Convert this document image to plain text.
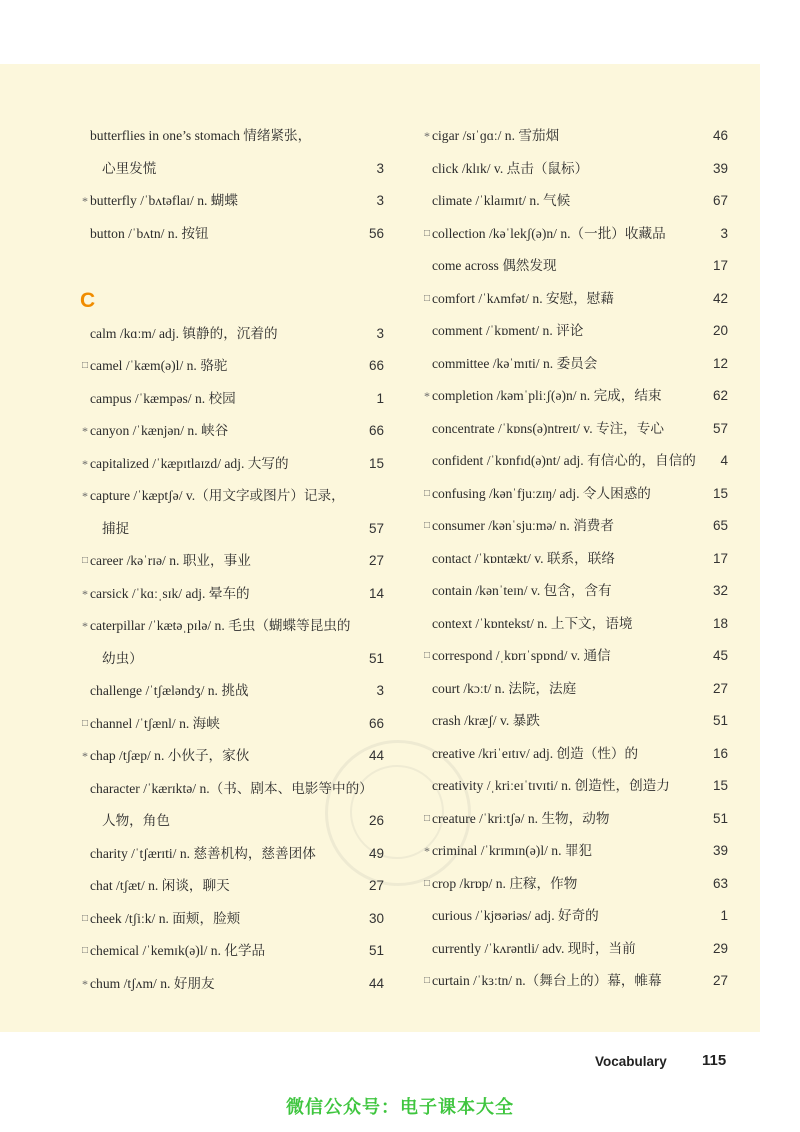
butterflies in one’s stomach 情绪紧张，
心里发慌	3
*
butterfly /ˈbʌtəflaɪ/ n. 蝴蝶	3
button /ˈbʌtn/ n. 按钮	56
C
calm /kɑːm/ adj. 镇静的，沉着的	3
□
camel /ˈkæm(ə)l/ n. 骆驼	66
campus /ˈkæmpəs/ n. 校园	1
*
canyon /ˈkænjən/ n. 峡谷	66
*
capitalized /ˈkæpɪtlaɪzd/ adj. 大写的	15
*
capture /ˈkæptʃə/ v.（用文字或图片）记录，
捕捉	57
□
career /kəˈrɪə/ n. 职业，事业	27
*
carsick /ˈkɑːˌsɪk/ adj. 晕车的	14
*
caterpillar /ˈkætəˌpɪlə/ n. 毛虫（蝴蝶等昆虫的
幼虫）	51
challenge /ˈtʃæləndʒ/ n. 挑战	3
□
channel /ˈtʃænl/ n. 海峡	66
*
chap /tʃæp/ n. 小伙子，家伙	44
character /ˈkærɪktə/ n.（书、剧本、电影等中的）
人物，角色	26
charity /ˈtʃærɪti/ n. 慈善机构，慈善团体	49
chat /tʃæt/ n. 闲谈，聊天	27
□
cheek /tʃiːk/ n. 面颊，脸颊	30
□
chemical /ˈkemɪk(ə)l/ n. 化学品	51
*
chum /tʃʌm/ n. 好朋友	44
*
cigar /sɪˈɡɑː/ n. 雪茄烟	46
click /klɪk/ v. 点击（鼠标）	39
climate /ˈklaɪmɪt/ n. 气候	67
□
collection /kəˈlekʃ(ə)n/ n.（一批）收藏品	3
come across 偶然发现	17
□
comfort /ˈkʌmfət/ n. 安慰，慰藉	42
comment /ˈkɒment/ n. 评论	20
committee /kəˈmɪti/ n. 委员会	12
*
completion /kəmˈpliːʃ(ə)n/ n. 完成，结束	62
concentrate /ˈkɒns(ə)ntreɪt/ v. 专注，专心	57
confident /ˈkɒnfɪd(ə)nt/ adj. 有信心的，自信的 4
□
confusing /kənˈfjuːzɪŋ/ adj. 令人困惑的	15
□
consumer /kənˈsjuːmə/ n. 消费者	65
contact /ˈkɒntækt/ v. 联系，联络	17
contain /kənˈteɪn/ v. 包含，含有	32
context /ˈkɒntekst/ n. 上下文，语境	18
□
correspond /ˌkɒrɪˈspɒnd/ v. 通信	45
court /kɔːt/ n. 法院，法庭	27
crash /kræʃ/ v. 暴跌	51
creative /kriˈeɪtɪv/ adj. 创造（性）的	16
creativity /ˌkriːeɪˈtɪvɪti/ n. 创造性，创造力	15
□
creature /ˈkriːtʃə/ n. 生物，动物	51
*
criminal /ˈkrɪmɪn(ə)l/ n. 罪犯	39
□
crop /krɒp/ n. 庄稼，作物	63
curious /ˈkjʊəriəs/ adj. 好奇的	1
currently /ˈkʌrəntli/ adv. 现时，当前	29
□
curtain /ˈkɜːtn/ n.（舞台上的）幕，帷幕	27
Vocabulary 115
微信公众号：电子课本大全
